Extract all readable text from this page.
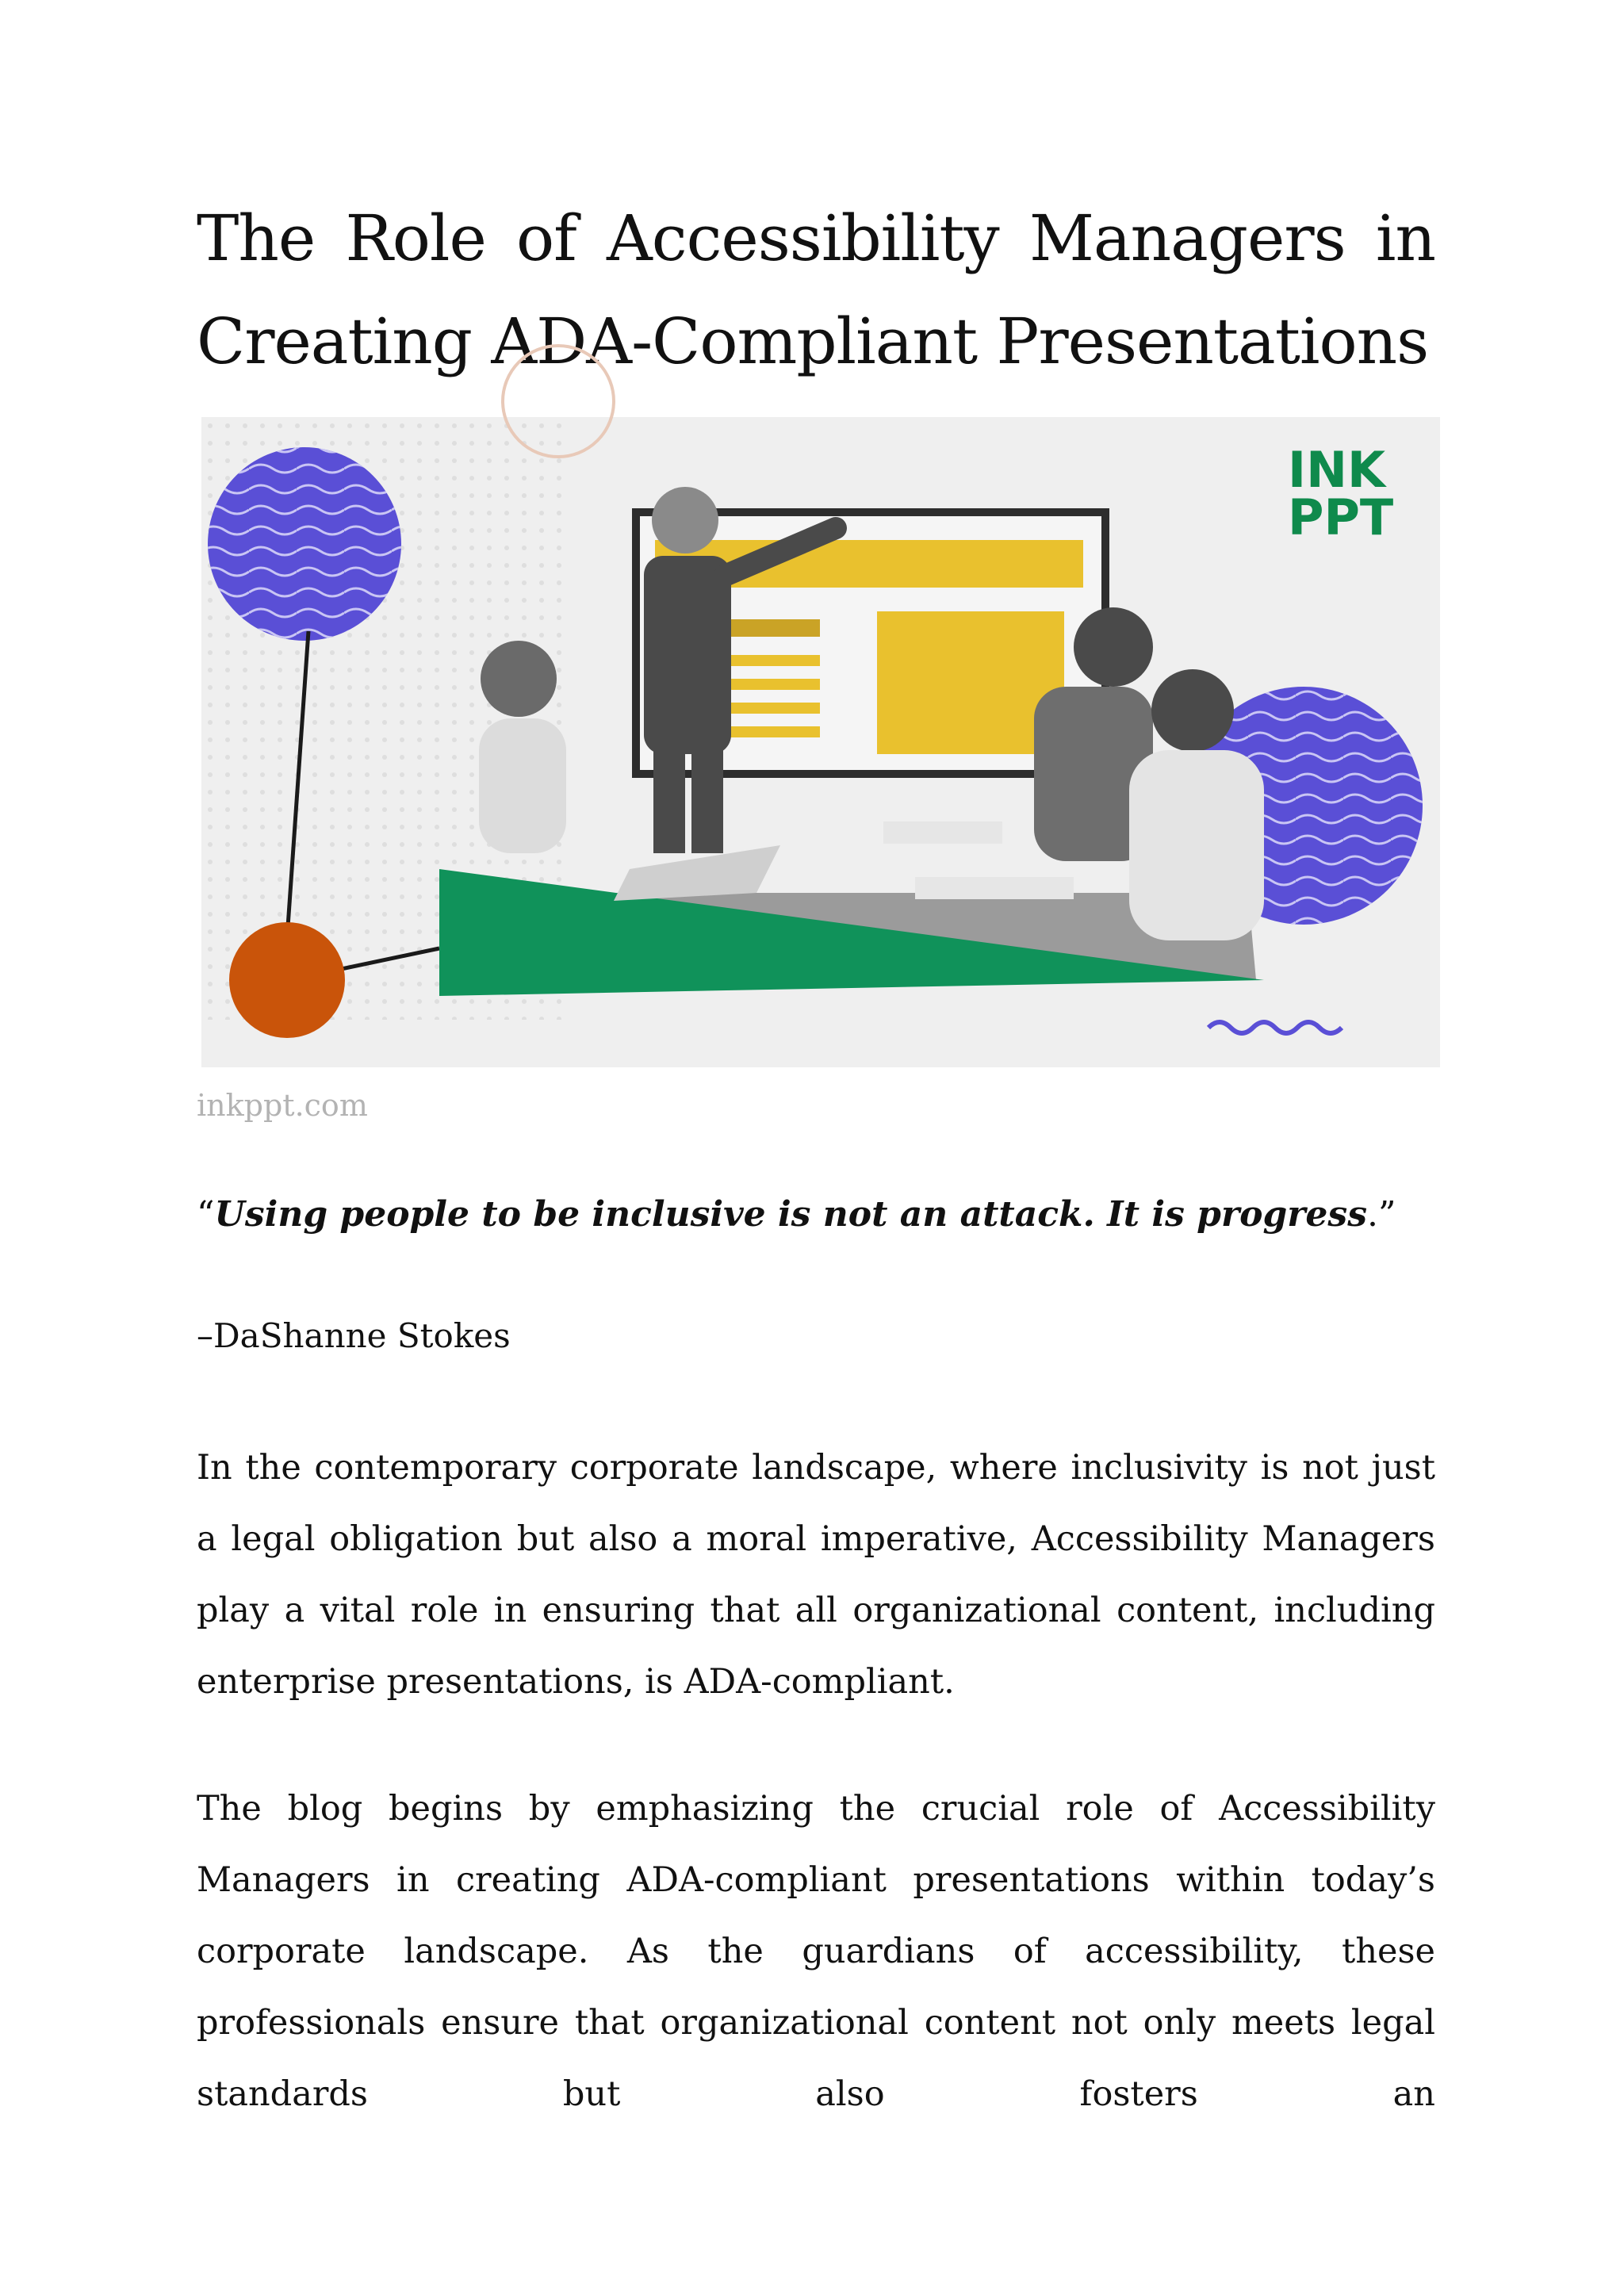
The Role of Accessibility Managers in Creating ADA-Compliant Presentations
INK
PPT
inkppt.com
“Using people to be inclusive is not an attack. It is progress.”
–DaShanne Stokes

In the contemporary corporate landscape, where inclusivity is not just a legal obligation but also a moral imperative, Accessibility Managers play a vital role in ensuring that all organizational content, including enterprise presentations, is ADA-compliant.

The blog begins by emphasizing the crucial role of Accessibility Managers in creating ADA-compliant presentations within today’s corporate landscape. As the guardians of accessibility, these professionals ensure that organizational content not only meets legal standards but also fosters an
